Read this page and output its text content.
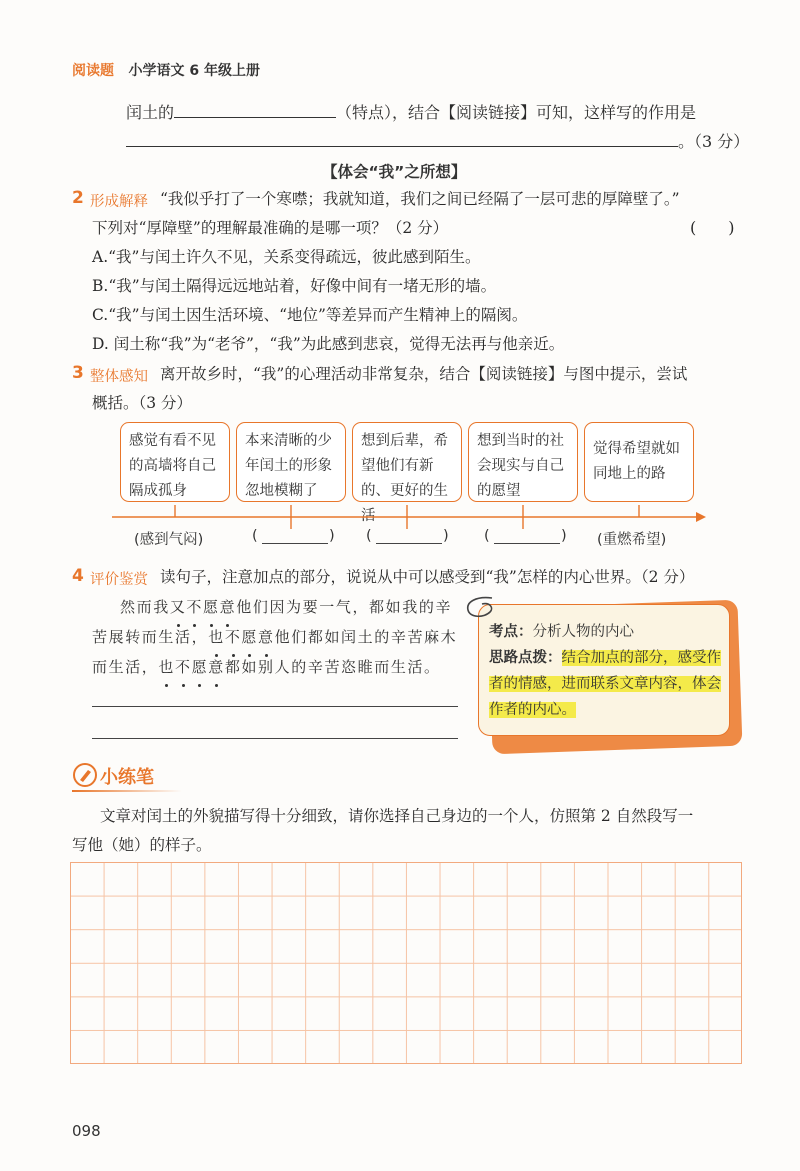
阅读题 小学语文 6 年级上册
闰土的	（特点），结合【阅读链接】可知，这样写的作用是
。（3 分）
【体会“我”之所想】
2 形成解释 “我似乎打了一个寒噤；我就知道，我们之间已经隔了一层可悲的厚障壁了。”
下列对“厚障壁”的理解最准确的是哪一项？（2 分）	(　　)
A.“我”与闰土许久不见，关系变得疏远，彼此感到陌生。
B.“我”与闰土隔得远远地站着，好像中间有一堵无形的墙。
C.“我”与闰土因生活环境、“地位”等差异而产生精神上的隔阂。
D. 闰土称“我”为“老爷”，“我”为此感到悲哀，觉得无法再与他亲近。
3 整体感知 离开故乡时，“我”的心理活动非常复杂，结合【阅读链接】与图中提示，尝试
概括。（3 分）
感觉有看不见的高墙将自己隔成孤身
本来清晰的少年闰土的形象忽地模糊了
想到后辈，希望他们有新的、更好的生活
想到当时的社会现实与自己的愿望
觉得希望就如同地上的路
(感到气闷)	(	) (	) (	) (重燃希望)
4 评价鉴赏 读句子，注意加点的部分，说说从中可以感受到“我”怎样的内心世界。（2 分）
然而我又不愿意他们因为要一气，都如我的辛
苦展转而生活，也不愿意他们都如闰土的辛苦麻木
而生活，也不愿意都如别人的辛苦恣睢而生活。
考点：分析人物的内心
思路点拨：结合加点的部分，感受作
者的情感，进而联系文章内容，体会
作者的内心。
小练笔
文章对闰土的外貌描写得十分细致，请你选择自己身边的一个人，仿照第 2 自然段写一
写他（她）的样子。
098
